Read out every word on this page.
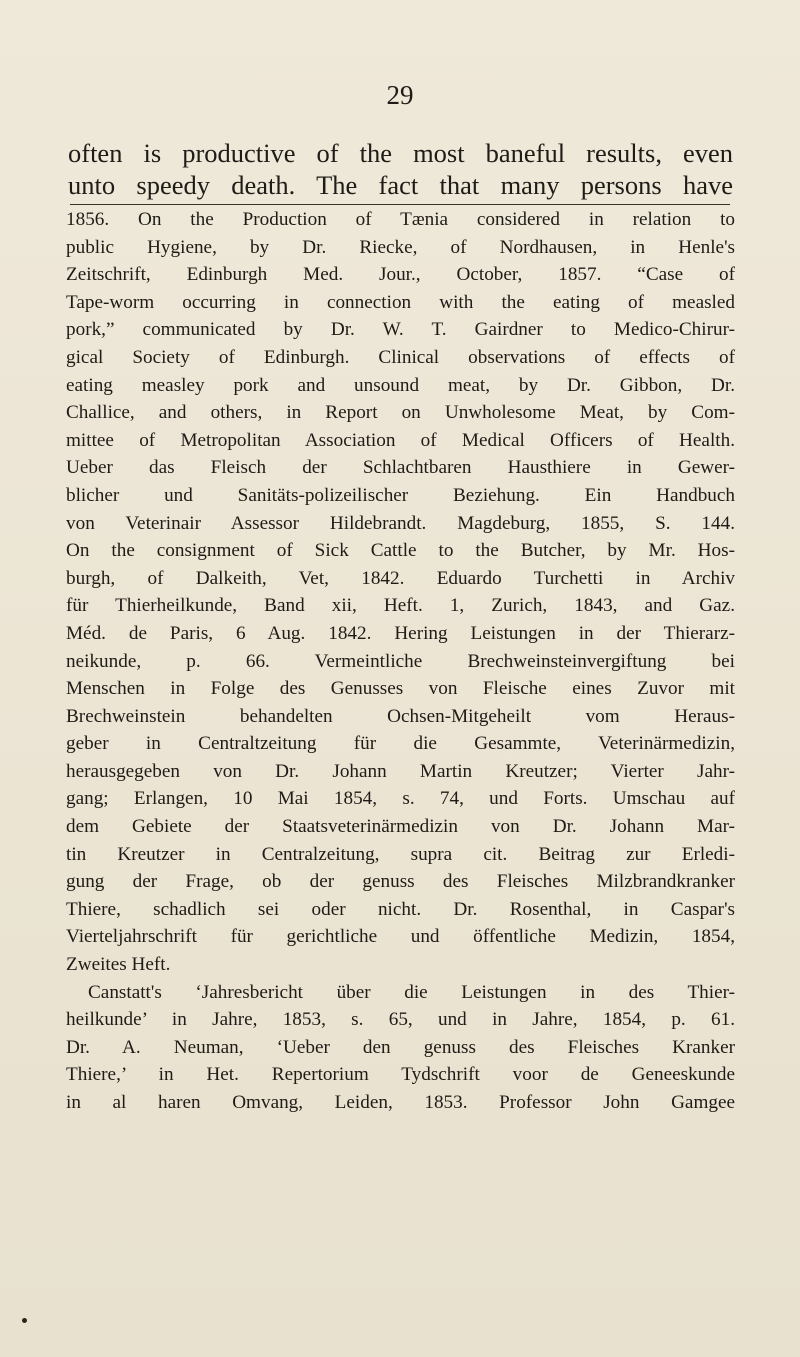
29
often is productive of the most baneful results, even
unto speedy death. The fact that many persons have
1856. On the Production of Tænia considered in relation to
public Hygiene, by Dr. Riecke, of Nordhausen, in Henle's
Zeitschrift, Edinburgh Med. Jour., October, 1857. “Case of
Tape-worm occurring in connection with the eating of measled
pork,” communicated by Dr. W. T. Gairdner to Medico-Chirur-
gical Society of Edinburgh. Clinical observations of effects of
eating measley pork and unsound meat, by Dr. Gibbon, Dr.
Challice, and others, in Report on Unwholesome Meat, by Com-
mittee of Metropolitan Association of Medical Officers of Health.
Ueber das Fleisch der Schlachtbaren Hausthiere in Gewer-
blicher und Sanitäts-polizeilischer Beziehung. Ein Handbuch
von Veterinair Assessor Hildebrandt. Magdeburg, 1855, S. 144.
On the consignment of Sick Cattle to the Butcher, by Mr. Hos-
burgh, of Dalkeith, Vet, 1842. Eduardo Turchetti in Archiv
für Thierheilkunde, Band xii, Heft. 1, Zurich, 1843, and Gaz.
Méd. de Paris, 6 Aug. 1842. Hering Leistungen in der Thierarz-
neikunde, p. 66. Vermeintliche Brechweinsteinvergiftung bei
Menschen in Folge des Genusses von Fleische eines Zuvor mit
Brechweinstein behandelten Ochsen-Mitgeheilt vom Heraus-
geber in Centraltzeitung für die Gesammte, Veterinärmedizin,
herausgegeben von Dr. Johann Martin Kreutzer; Vierter Jahr-
gang; Erlangen, 10 Mai 1854, s. 74, und Forts. Umschau auf
dem Gebiete der Staatsveterinärmedizin von Dr. Johann Mar-
tin Kreutzer in Centralzeitung, supra cit. Beitrag zur Erledi-
gung der Frage, ob der genuss des Fleisches Milzbrandkranker
Thiere, schadlich sei oder nicht. Dr. Rosenthal, in Caspar's
Vierteljahrschrift für gerichtliche und öffentliche Medizin, 1854,
Zweites Heft.
Canstatt's ‘Jahresbericht über die Leistungen in des Thier-
heilkunde’ in Jahre, 1853, s. 65, und in Jahre, 1854, p. 61.
Dr. A. Neuman, ‘Ueber den genuss des Fleisches Kranker
Thiere,’ in Het. Repertorium Tydschrift voor de Geneeskunde
in al haren Omvang, Leiden, 1853. Professor John Gamgee
